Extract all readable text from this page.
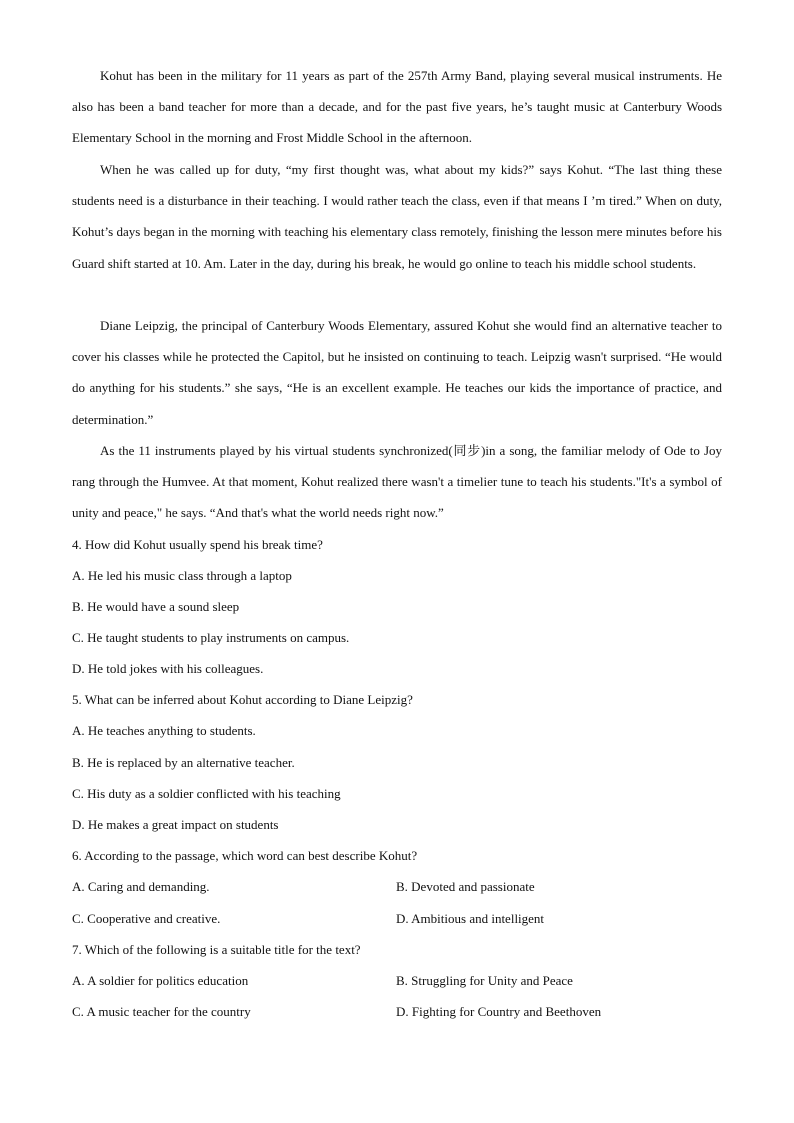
Kohut has been in the military for 11 years as part of the 257th Army Band, playing several musical instruments. He also has been a band teacher for more than a decade, and for the past five years, he’s taught music at Canterbury Woods Elementary School in the morning and Frost Middle School in the afternoon.

When he was called up for duty, “my first thought was, what about my kids?” says Kohut. “The last thing these students need is a disturbance in their teaching. I would rather teach the class, even if that means I ’m tired.” When on duty, Kohut’s days began in the morning with teaching his elementary class remotely, finishing the lesson mere minutes before his Guard shift started at 10. Am. Later in the day, during his break, he would go online to teach his middle school students.

Diane Leipzig, the principal of Canterbury Woods Elementary, assured Kohut she would find an alternative teacher to cover his classes while he protected the Capitol, but he insisted on continuing to teach. Leipzig wasn't surprised. “He would do anything for his students.” she says, “He is an excellent example. He teaches our kids the importance of practice, and determination.”

As the 11 instruments played by his virtual students synchronized(同步)in a song, the familiar melody of Ode to Joy rang through the Humvee. At that moment, Kohut realized there wasn't a timelier tune to teach his students."It's a symbol of unity and peace," he says. “And that's what the world needs right now.”

4. How did Kohut usually spend his break time?

A. He led his music class through a laptop

B. He would have a sound sleep

C. He taught students to play instruments on campus.

D. He told jokes with his colleagues.

5. What can be inferred about Kohut according to Diane Leipzig?

A. He teaches anything to students.

B. He is replaced by an alternative teacher.

C. His duty as a soldier conflicted with his teaching

D. He makes a great impact on students

6. According to the passage, which word can best describe Kohut?

A. Caring and demanding.	B. Devoted and passionate

C. Cooperative and creative.	D. Ambitious and intelligent

7. Which of the following is a suitable title for the text?

A. A soldier for politics education	B. Struggling for Unity and Peace

C. A music teacher for the country	D. Fighting for Country and Beethoven
